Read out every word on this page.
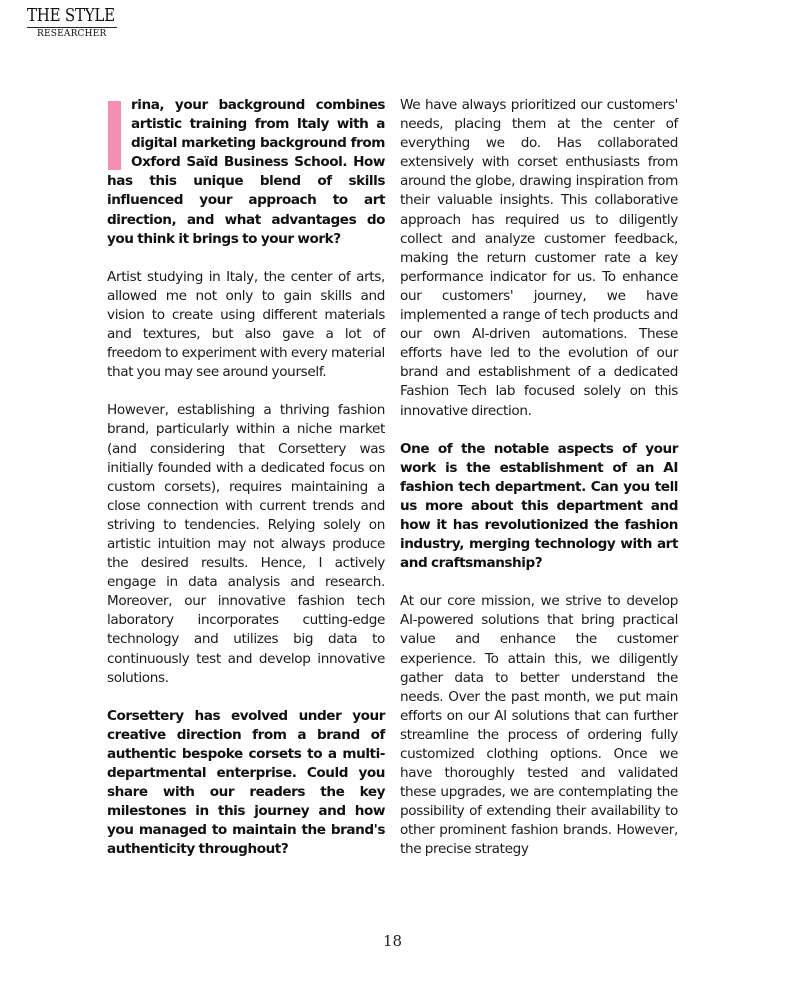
THE STYLE
RESEARCHER

rina, your background combines artistic training from Italy with a digital marketing background from Oxford Saïd Business School. How has this unique blend of skills influenced your approach to art direction, and what advantages do you think it brings to your work?

Artist studying in Italy, the center of arts, allowed me not only to gain skills and vision to create using different materials and textures, but also gave a lot of freedom to experiment with every material that you may see around yourself.

However, establishing a thriving fashion brand, particularly within a niche market (and considering that Corsettery was initially founded with a dedicated focus on custom corsets), requires maintaining a close connection with current trends and striving to tendencies. Relying solely on artistic intuition may not always produce the desired results. Hence, I actively engage in data analysis and research. Moreover, our innovative fashion tech laboratory incorporates cutting-edge technology and utilizes big data to continuously test and develop innovative solutions.

Corsettery has evolved under your creative direction from a brand of authentic bespoke corsets to a multi-departmental enterprise. Could you share with our readers the key milestones in this journey and how you managed to maintain the brand's authenticity throughout?

We have always prioritized our customers' needs, placing them at the center of everything we do. Has collaborated extensively with corset enthusiasts from around the globe, drawing inspiration from their valuable insights. This collaborative approach has required us to diligently collect and analyze customer feedback, making the return customer rate a key performance indicator for us. To enhance our customers' journey, we have implemented a range of tech products and our own AI-driven automations. These efforts have led to the evolution of our brand and establishment of a dedicated Fashion Tech lab focused solely on this innovative direction.

One of the notable aspects of your work is the establishment of an AI fashion tech department. Can you tell us more about this department and how it has revolutionized the fashion industry, merging technology with art and craftsmanship?

At our core mission, we strive to develop AI-powered solutions that bring practical value and enhance the customer experience. To attain this, we diligently gather data to better understand the needs. Over the past month, we put main efforts on our AI solutions that can further streamline the process of ordering fully customized clothing options. Once we have thoroughly tested and validated these upgrades, we are contemplating the possibility of extending their availability to other prominent fashion brands. However, the precise strategy

18
